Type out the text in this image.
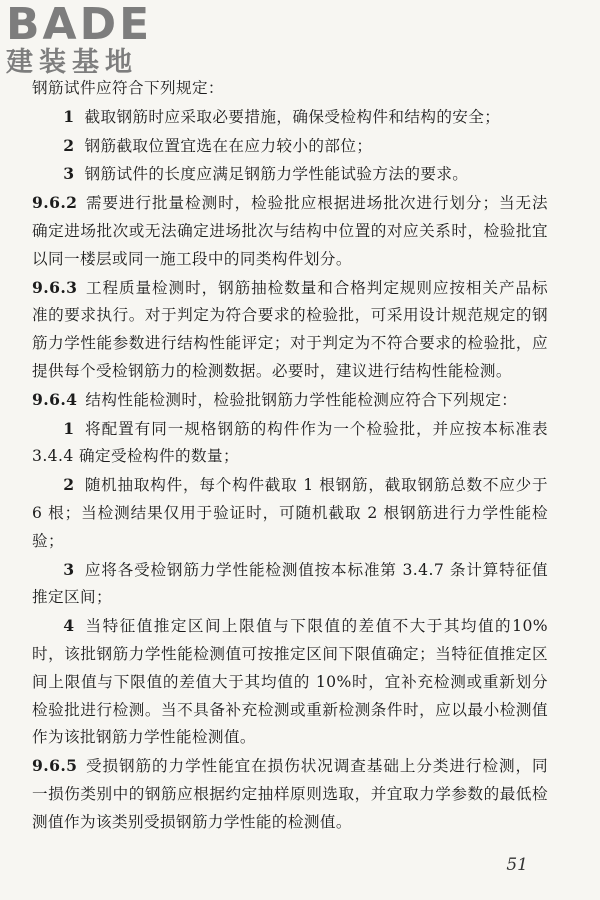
BADE
建装基地

钢筋试件应符合下列规定：

1 截取钢筋时应采取必要措施，确保受检构件和结构的安全；

2 钢筋截取位置宜选在在应力较小的部位；

3 钢筋试件的长度应满足钢筋力学性能试验方法的要求。

9.6.2 需要进行批量检测时，检验批应根据进场批次进行划分；当无法确定进场批次或无法确定进场批次与结构中位置的对应关系时，检验批宜以同一楼层或同一施工段中的同类构件划分。

9.6.3 工程质量检测时，钢筋抽检数量和合格判定规则应按相关产品标准的要求执行。对于判定为符合要求的检验批，可采用设计规范规定的钢筋力学性能参数进行结构性能评定；对于判定为不符合要求的检验批，应提供每个受检钢筋力的检测数据。必要时，建议进行结构性能检测。

9.6.4 结构性能检测时，检验批钢筋力学性能检测应符合下列规定：

1 将配置有同一规格钢筋的构件作为一个检验批，并应按本标准表 3.4.4 确定受检构件的数量；

2 随机抽取构件，每个构件截取 1 根钢筋，截取钢筋总数不应少于 6 根；当检测结果仅用于验证时，可随机截取 2 根钢筋进行力学性能检验；

3 应将各受检钢筋力学性能检测值按本标准第 3.4.7 条计算特征值推定区间；

4 当特征值推定区间上限值与下限值的差值不大于其均值的10%时，该批钢筋力学性能检测值可按推定区间下限值确定；当特征值推定区间上限值与下限值的差值大于其均值的 10%时，宜补充检测或重新划分检验批进行检测。当不具备补充检测或重新检测条件时，应以最小检测值作为该批钢筋力学性能检测值。

9.6.5 受损钢筋的力学性能宜在损伤状况调查基础上分类进行检测，同一损伤类别中的钢筋应根据约定抽样原则选取，并宜取力学参数的最低检测值作为该类别受损钢筋力学性能的检测值。

51
